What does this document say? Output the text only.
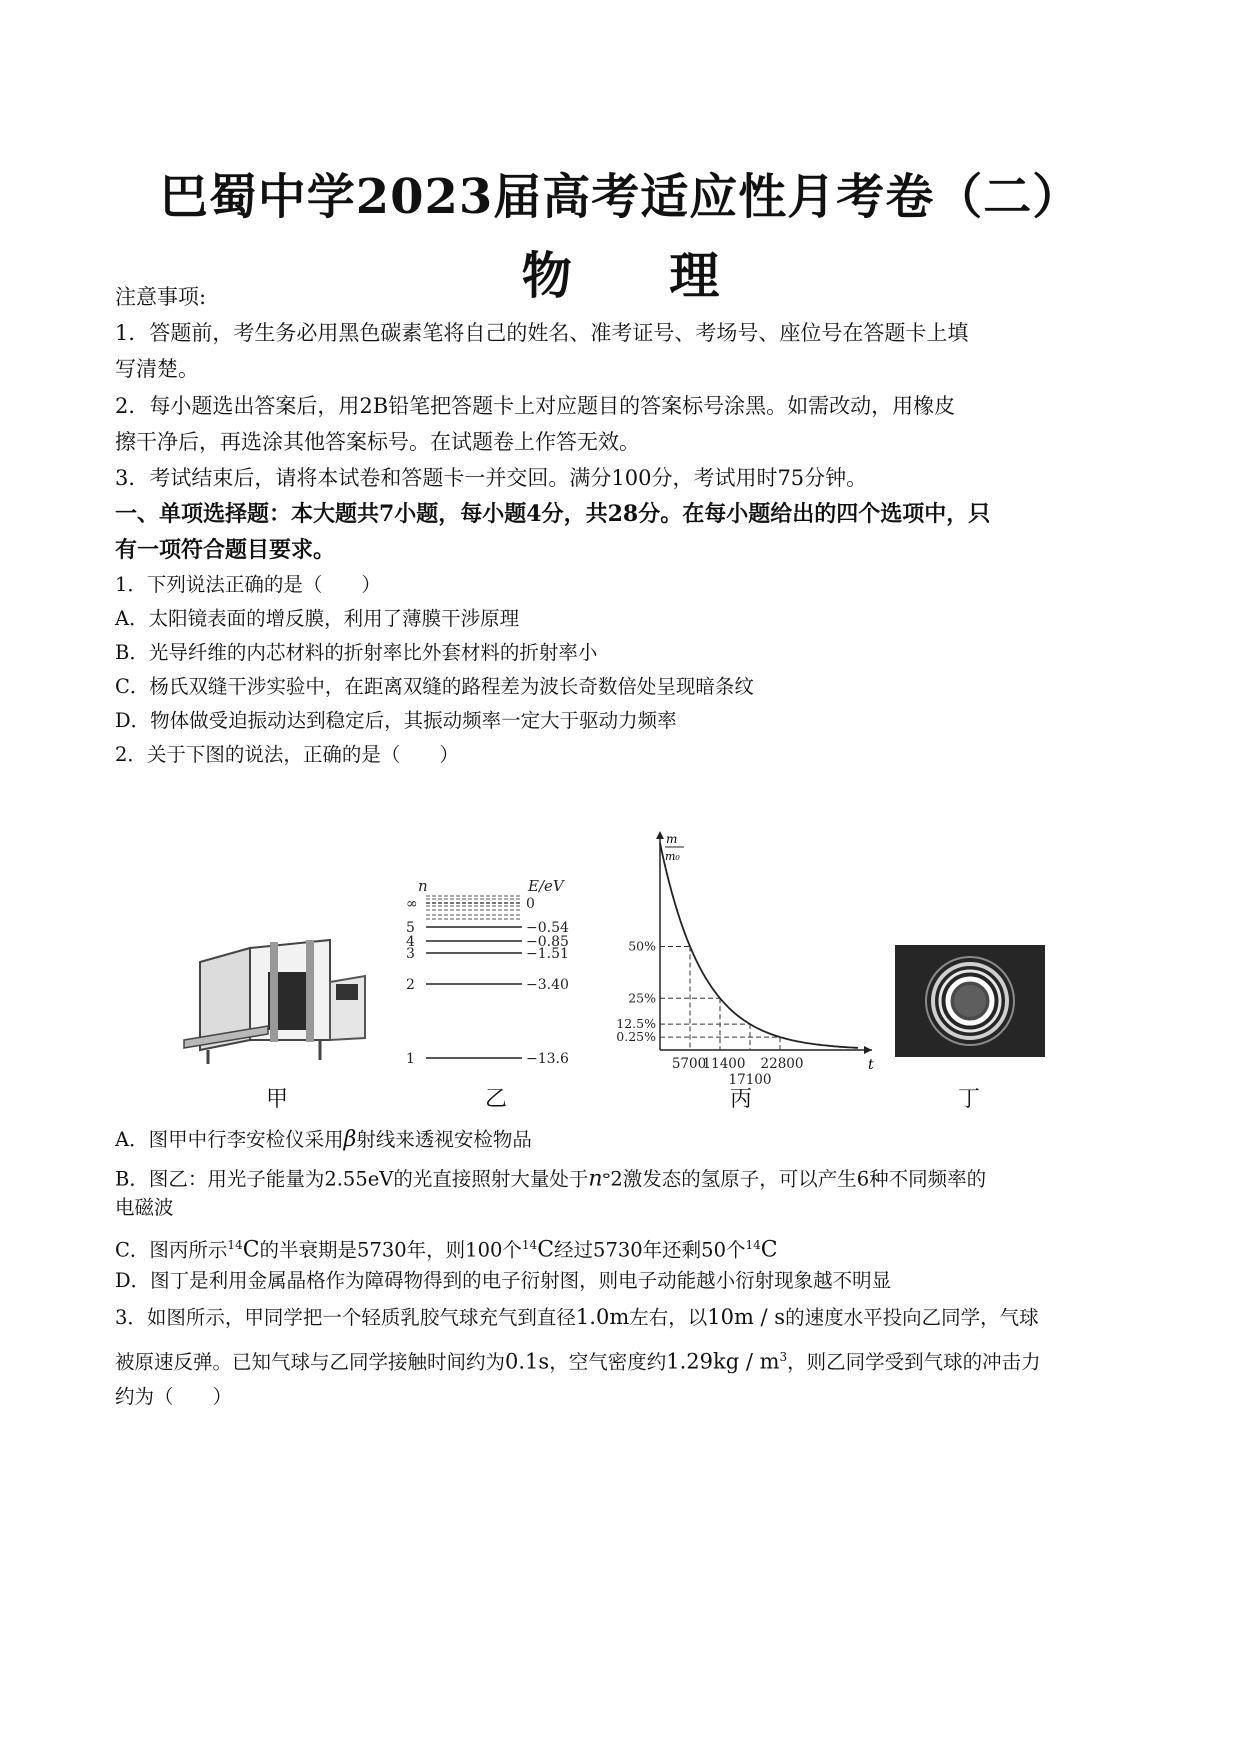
巴蜀中学2023届高考适应性月考卷（二）
物 理
注意事项:
1．答题前，考生务必用黑色碳素笔将自己的姓名、准考证号、考场号、座位号在答题卡上填
写清楚。
2．每小题选出答案后，用2B铅笔把答题卡上对应题目的答案标号涂黑。如需改动，用橡皮
擦干净后，再选涂其他答案标号。在试题卷上作答无效。
3．考试结束后，请将本试卷和答题卡一并交回。满分100分，考试用时75分钟。
一、单项选择题：本大题共7小题，每小题4分，共28分。在每小题给出的四个选项中，只
有一项符合题目要求。
1．下列说法正确的是（　　）
A．太阳镜表面的增反膜，利用了薄膜干涉原理
B．光导纤维的内芯材料的折射率比外套材料的折射率小
C．杨氏双缝干涉实验中，在距离双缝的路程差为波长奇数倍处呈现暗条纹
D．物体做受迫振动达到稳定后，其振动频率一定大于驱动力频率
2．关于下图的说法，正确的是（　　）
n	E/eV
∞	0
5	−0.54
4	−0.85
3	−1.51
2	−3.40
1	−13.6
m
m₀
t
50%
25%
12.5%
0.25%
5700
11400
17100
22800
甲	乙	丙	丁
A．图甲中行李安检仪采用β射线来透视安检物品
B．图乙：用光子能量为2.55eV的光直接照射大量处于$n^ⴰ2$激发态的氢原子，可以产生6种不同频率的
电磁波
C．图丙所示$^{14}$C的半衰期是5730年，则100个$^{14}$C经过5730年还剩50个$^{14}$C
D．图丁是利用金属晶格作为障碍物得到的电子衍射图，则电子动能越小衍射现象越不明显
3．如图所示，甲同学把一个轻质乳胶气球充气到直径1.0m左右，以10m / s的速度水平投向乙同学，气球
被原速反弹。已知气球与乙同学接触时间约为0.1s，空气密度约$1.29kg / m^3$，则乙同学受到气球的冲击力
约为（　　）
